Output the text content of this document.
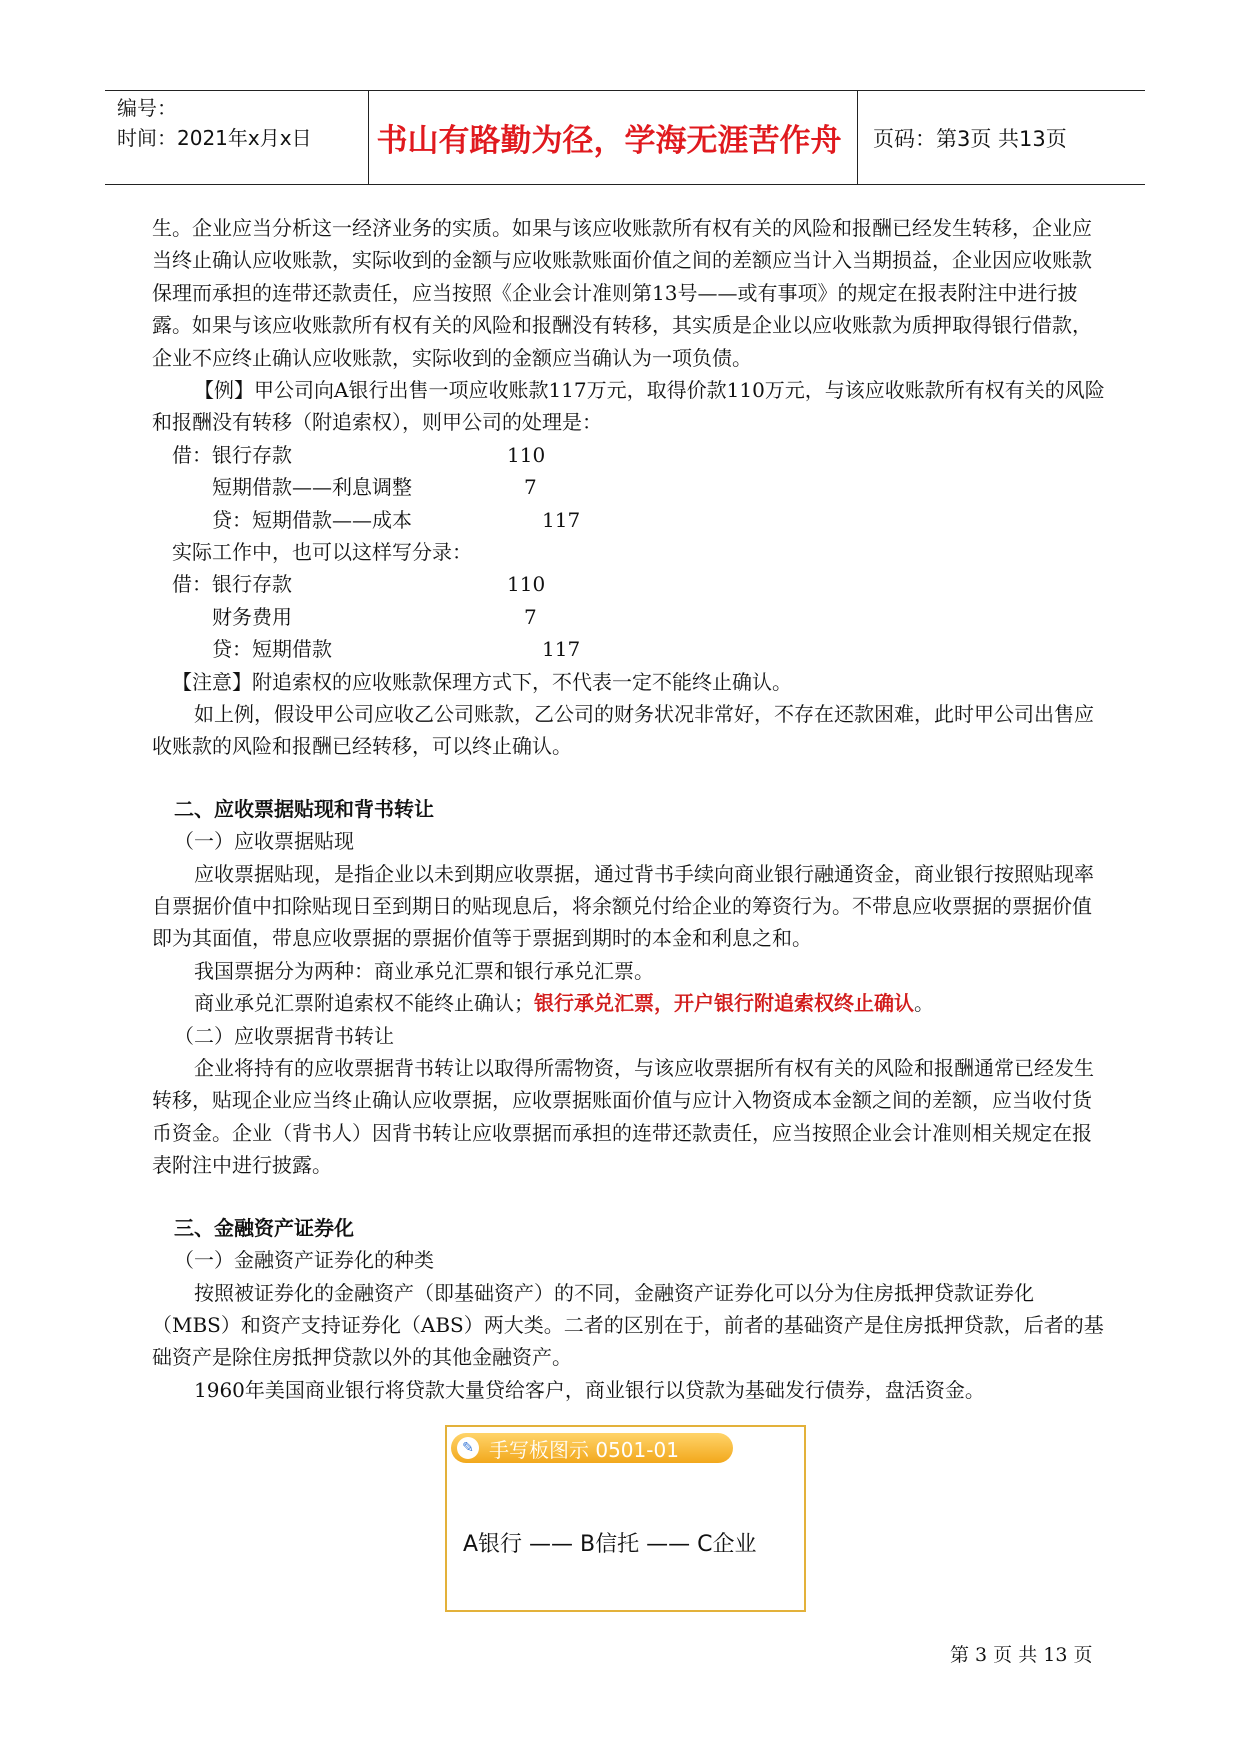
编号：
时间：2021年x月x日	书山有路勤为径，学海无涯苦作舟	页码：第3页 共13页

生。企业应当分析这一经济业务的实质。如果与该应收账款所有权有关的风险和报酬已经发生转移，企业应当终止确认应收账款，实际收到的金额与应收账款账面价值之间的差额应当计入当期损益，企业因应收账款保理而承担的连带还款责任，应当按照《企业会计准则第13号——或有事项》的规定在报表附注中进行披露。如果与该应收账款所有权有关的风险和报酬没有转移，其实质是企业以应收账款为质押取得银行借款，企业不应终止确认应收账款，实际收到的金额应当确认为一项负债。

【例】甲公司向A银行出售一项应收账款117万元，取得价款110万元，与该应收账款所有权有关的风险和报酬没有转移（附追索权），则甲公司的处理是：

借：银行存款	110
短期借款——利息调整	7
贷：短期借款——成本	117

实际工作中，也可以这样写分录：

借：银行存款	110
财务费用	7
贷：短期借款	117

【注意】附追索权的应收账款保理方式下，不代表一定不能终止确认。

如上例，假设甲公司应收乙公司账款，乙公司的财务状况非常好，不存在还款困难，此时甲公司出售应收账款的风险和报酬已经转移，可以终止确认。

二、应收票据贴现和背书转让

（一）应收票据贴现

应收票据贴现，是指企业以未到期应收票据，通过背书手续向商业银行融通资金，商业银行按照贴现率自票据价值中扣除贴现日至到期日的贴现息后，将余额兑付给企业的筹资行为。不带息应收票据的票据价值即为其面值，带息应收票据的票据价值等于票据到期时的本金和利息之和。

我国票据分为两种：商业承兑汇票和银行承兑汇票。

商业承兑汇票附追索权不能终止确认；银行承兑汇票，开户银行附追索权终止确认。

（二）应收票据背书转让

企业将持有的应收票据背书转让以取得所需物资，与该应收票据所有权有关的风险和报酬通常已经发生转移，贴现企业应当终止确认应收票据，应收票据账面价值与应计入物资成本金额之间的差额，应当收付货币资金。企业（背书人）因背书转让应收票据而承担的连带还款责任，应当按照企业会计准则相关规定在报表附注中进行披露。

三、金融资产证券化

（一）金融资产证券化的种类

按照被证券化的金融资产（即基础资产）的不同，金融资产证券化可以分为住房抵押贷款证券化（MBS）和资产支持证券化（ABS）两大类。二者的区别在于，前者的基础资产是住房抵押贷款，后者的基础资产是除住房抵押贷款以外的其他金融资产。

1960年美国商业银行将贷款大量贷给客户，商业银行以贷款为基础发行债券，盘活资金。

✎ 手写板图示 0501-01
A银行 —— B信托 —— C企业
第 3 页 共 13 页
